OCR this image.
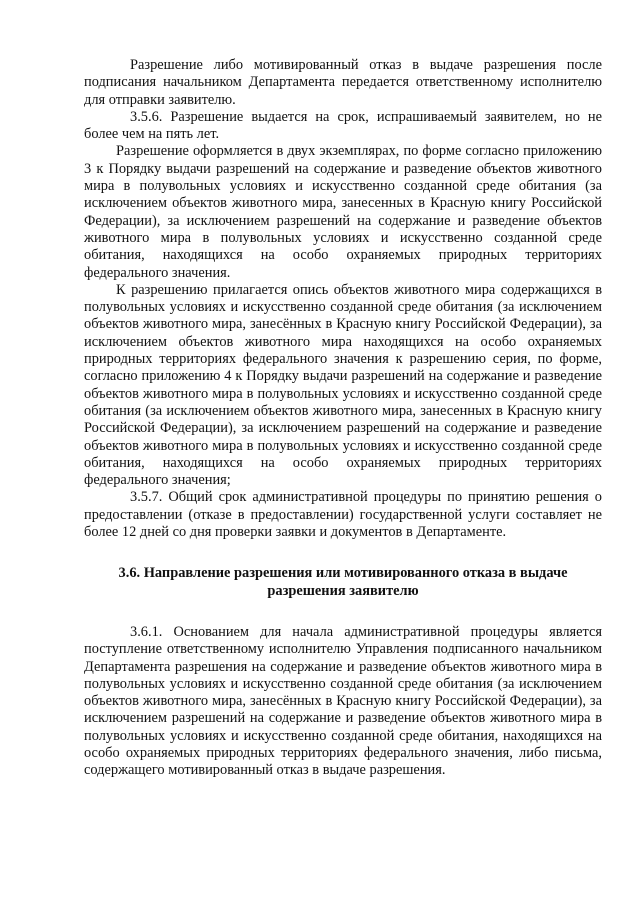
Разрешение либо мотивированный отказ в выдаче разрешения после подписания начальником Департамента передается ответственному исполнителю для отправки заявителю.

3.5.6. Разрешение выдается на срок, испрашиваемый заявителем, но не более чем на пять лет.

Разрешение оформляется в двух экземплярах, по форме согласно приложению 3 к Порядку выдачи разрешений на содержание и разведение объектов животного мира в полувольных условиях и искусственно созданной среде обитания (за исключением объектов животного мира, занесенных в Красную книгу Российской Федерации), за исключением разрешений на содержание и разведение объектов животного мира в полувольных условиях и искусственно созданной среде обитания, находящихся на особо охраняемых природных территориях федерального значения.

К разрешению прилагается опись объектов животного мира содержащихся в полувольных условиях и искусственно созданной среде обитания (за исключением объектов животного мира, занесённых в Красную книгу Российской Федерации), за исключением объектов животного мира находящихся на особо охраняемых природных территориях федерального значения к разрешению серия, по форме, согласно приложению 4 к Порядку выдачи разрешений на содержание и разведение объектов животного мира в полувольных условиях и искусственно созданной среде обитания (за исключением объектов животного мира, занесенных в Красную книгу Российской Федерации), за исключением разрешений на содержание и разведение объектов животного мира в полувольных условиях и искусственно созданной среде обитания, находящихся на особо охраняемых природных территориях федерального значения;

3.5.7. Общий срок административной процедуры по принятию решения о предоставлении (отказе в предоставлении) государственной услуги составляет не более 12 дней со дня проверки заявки и документов в Департаменте.

3.6. Направление разрешения или мотивированного отказа в выдаче

разрешения заявителю

3.6.1. Основанием для начала административной процедуры является поступление ответственному исполнителю Управления подписанного начальником Департамента разрешения на содержание и разведение объектов животного мира в полувольных условиях и искусственно созданной среде обитания (за исключением объектов животного мира, занесённых в Красную книгу Российской Федерации), за исключением разрешений на содержание и разведение объектов животного мира в полувольных условиях и искусственно созданной среде обитания, находящихся на особо охраняемых природных территориях федерального значения, либо письма, содержащего мотивированный отказ в выдаче разрешения.
